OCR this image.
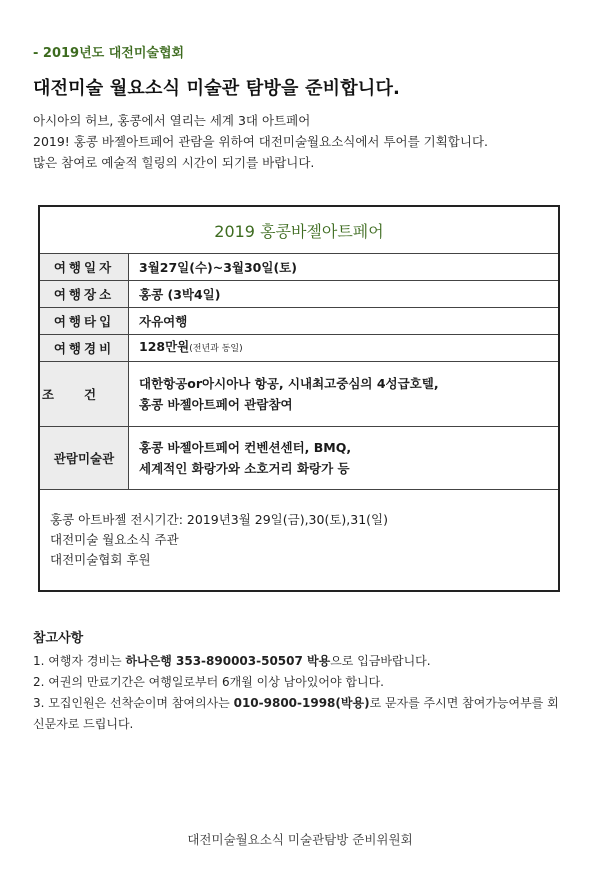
- 2019년도 대전미술협회
대전미술 월요소식 미술관 탐방을 준비합니다.
아시아의 허브, 홍콩에서 열리는 세계 3대 아트페어
2019! 홍콩 바젤아트페어 관람을 위하여 대전미술월요소식에서 투어를 기획합니다.
많은 참여로 예술적 힐링의 시간이 되기를 바랍니다.
2019 홍콩바젤아트페어	
여행일자	3월27일(수)~3월30일(토)
여행장소	홍콩 (3박4일)
여행타입	자유여행
여행경비	128만원(전년과 동일)
조건	대한항공or아시아나 항공, 시내최고중심의 4성급호텔,
홍콩 바젤아트페어 관람참여

관람미술관	홍콩 바젤아트페어 컨벤션센터, BMQ,
세계적인 화랑가와 소호거리 화랑가 등

홍콩 아트바젤 전시기간: 2019년3월 29일(금),30(토),31(일)
대전미술 월요소식 주관
대전미술협회 후원	
참고사항
1. 여행자 경비는 하나은행 353-890003-50507 박용으로 입금바랍니다.
2. 여권의 만료기간은 여행일로부터 6개월 이상 남아있어야 합니다.
3. 모집인원은 선착순이며 참여의사는 010-9800-1998(박용)로 문자를 주시면 참여가능여부를 회신문자로 드립니다.
대전미술월요소식 미술관탐방 준비위원회
